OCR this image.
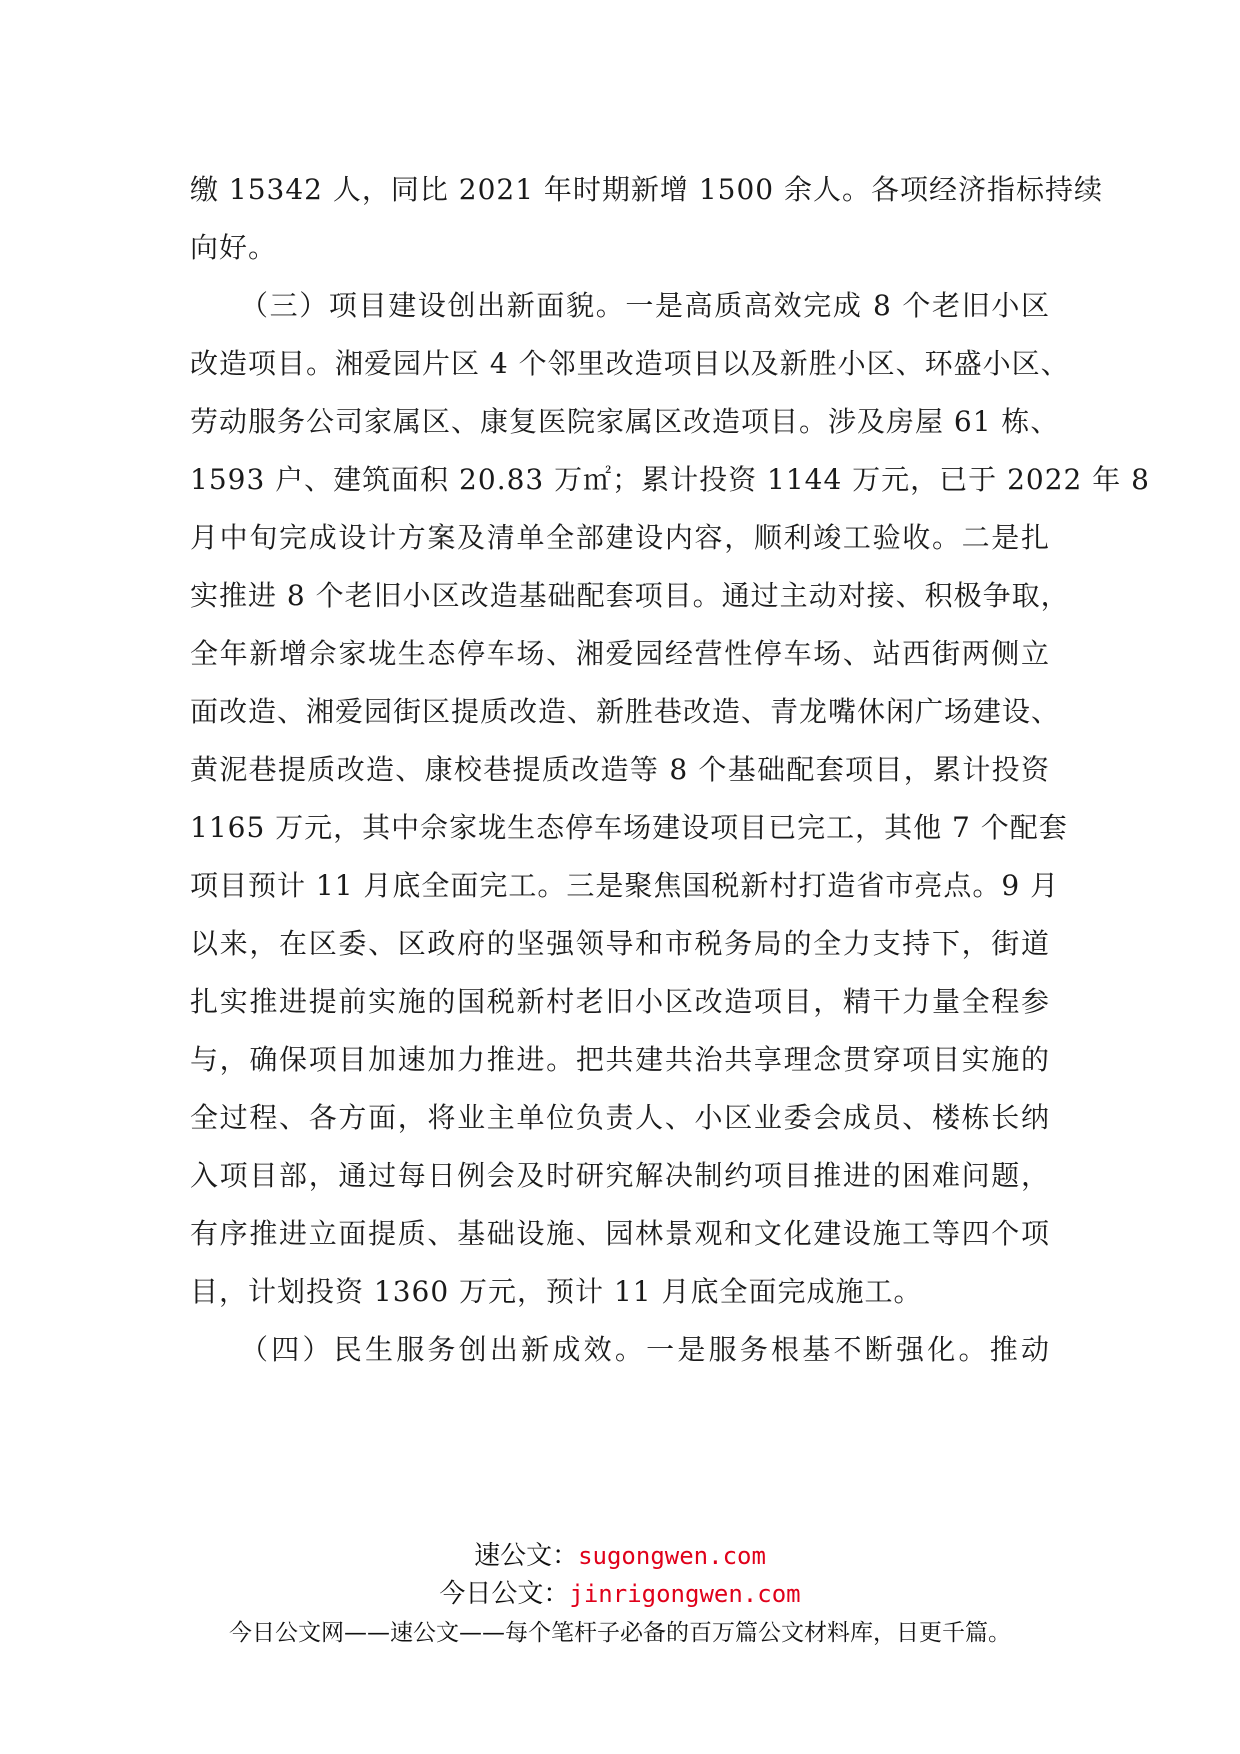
缴 15342 人，同比 2021 年时期新增 1500 余人。各项经济指标持续
向好。
（三）项目建设创出新面貌。一是高质高效完成 8 个老旧小区
改造项目。湘爱园片区 4 个邻里改造项目以及新胜小区、环盛小区、
劳动服务公司家属区、康复医院家属区改造项目。涉及房屋 61 栋、
1593 户、建筑面积 20.83 万㎡；累计投资 1144 万元，已于 2022 年 8
月中旬完成设计方案及清单全部建设内容，顺利竣工验收。二是扎
实推进 8 个老旧小区改造基础配套项目。通过主动对接、积极争取，
全年新增佘家垅生态停车场、湘爱园经营性停车场、站西街两侧立
面改造、湘爱园街区提质改造、新胜巷改造、青龙嘴休闲广场建设、
黄泥巷提质改造、康校巷提质改造等 8 个基础配套项目，累计投资
1165 万元，其中佘家垅生态停车场建设项目已完工，其他 7 个配套
项目预计 11 月底全面完工。三是聚焦国税新村打造省市亮点。9 月
以来，在区委、区政府的坚强领导和市税务局的全力支持下，街道
扎实推进提前实施的国税新村老旧小区改造项目，精干力量全程参
与，确保项目加速加力推进。把共建共治共享理念贯穿项目实施的
全过程、各方面，将业主单位负责人、小区业委会成员、楼栋长纳
入项目部，通过每日例会及时研究解决制约项目推进的困难问题，
有序推进立面提质、基础设施、园林景观和文化建设施工等四个项
目，计划投资 1360 万元，预计 11 月底全面完成施工。
（四）民生服务创出新成效。一是服务根基不断强化。推动
速公文：sugongwen.com
今日公文：jinrigongwen.com
今日公文网——速公文——每个笔杆子必备的百万篇公文材料库，日更千篇。
